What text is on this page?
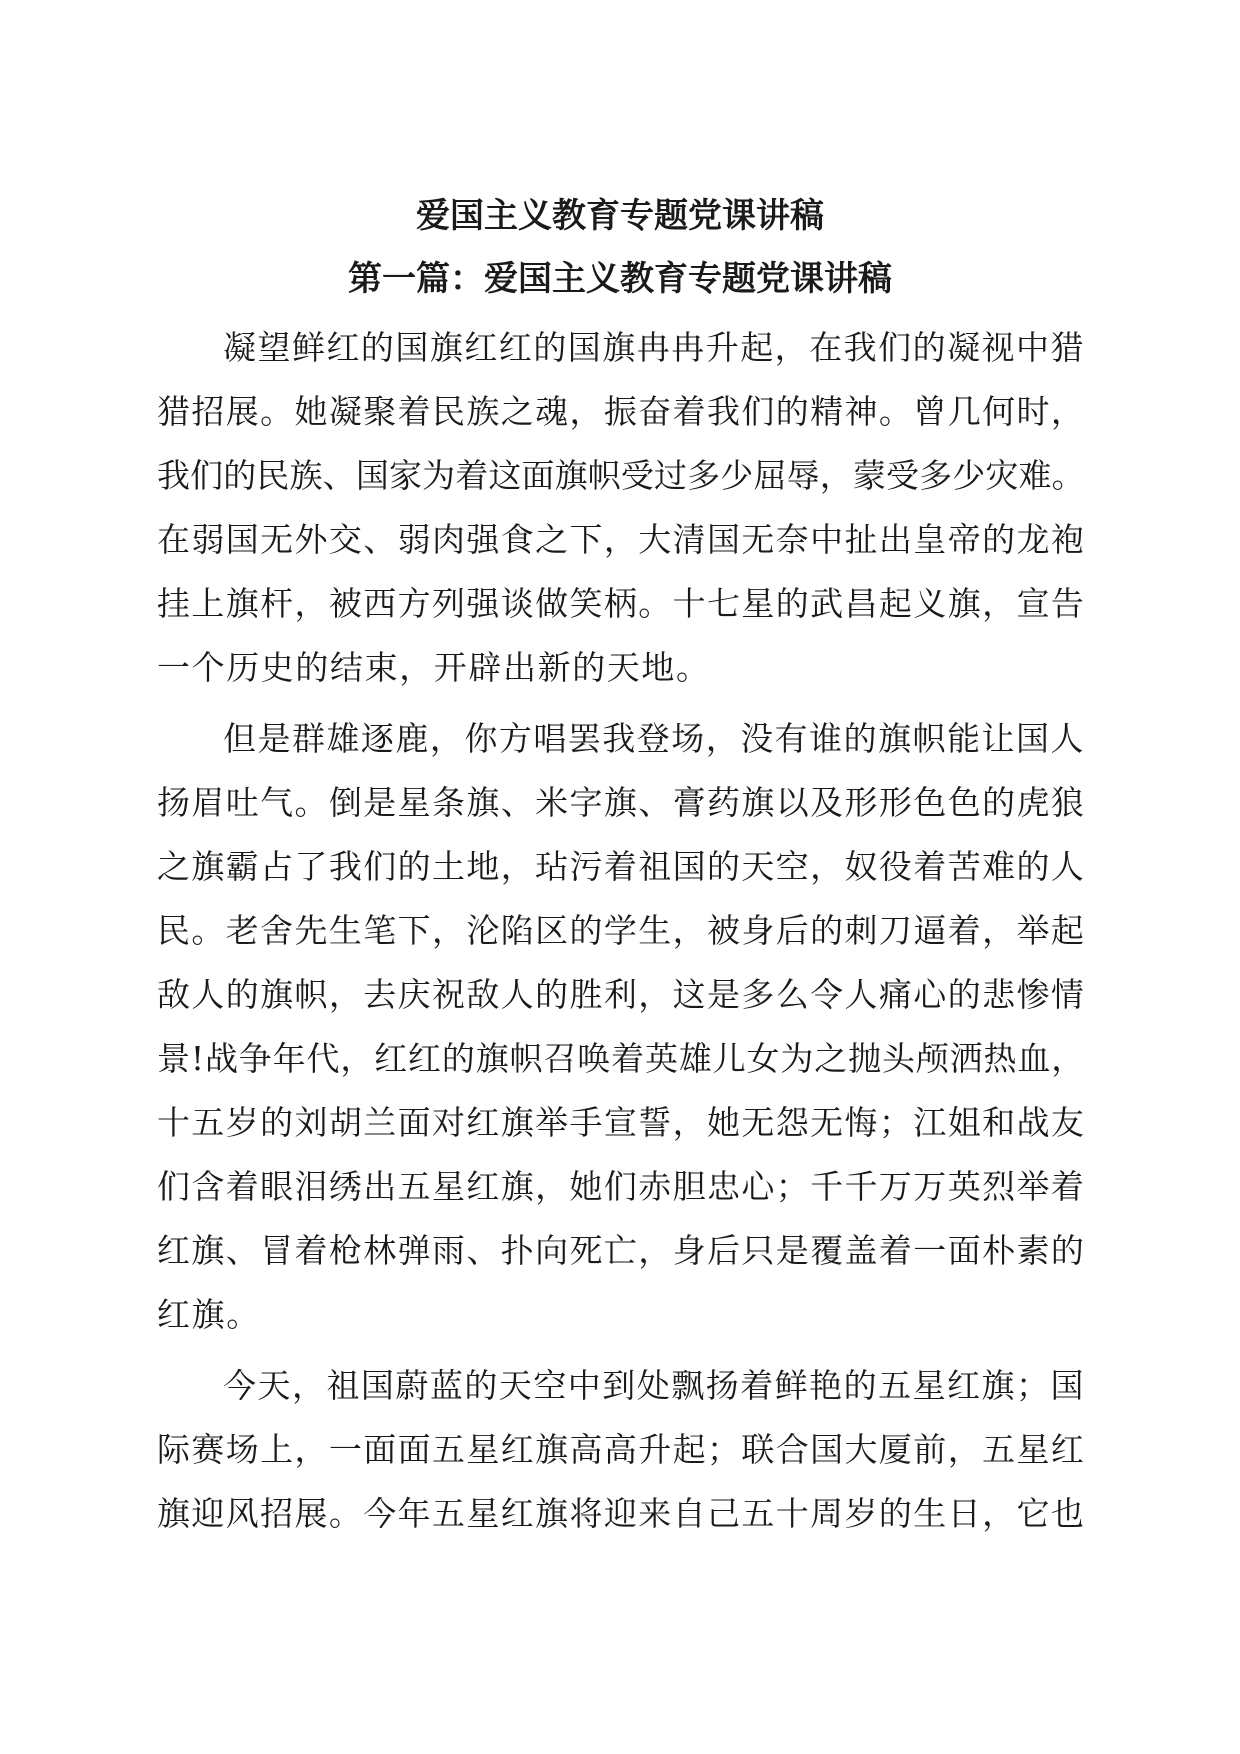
爱国主义教育专题党课讲稿
第一篇：爱国主义教育专题党课讲稿
凝望鲜红的国旗红红的国旗冉冉升起，在我们的凝视中猎
猎招展。她凝聚着民族之魂，振奋着我们的精神。曾几何时，
我们的民族、国家为着这面旗帜受过多少屈辱，蒙受多少灾难。
在弱国无外交、弱肉强食之下，大清国无奈中扯出皇帝的龙袍
挂上旗杆，被西方列强谈做笑柄。十七星的武昌起义旗，宣告
一个历史的结束，开辟出新的天地。
但是群雄逐鹿，你方唱罢我登场，没有谁的旗帜能让国人
扬眉吐气。倒是星条旗、米字旗、膏药旗以及形形色色的虎狼
之旗霸占了我们的土地，玷污着祖国的天空，奴役着苦难的人
民。老舍先生笔下，沦陷区的学生，被身后的刺刀逼着，举起
敌人的旗帜，去庆祝敌人的胜利，这是多么令人痛心的悲惨情
景!战争年代，红红的旗帜召唤着英雄儿女为之抛头颅洒热血，
十五岁的刘胡兰面对红旗举手宣誓，她无怨无悔；江姐和战友
们含着眼泪绣出五星红旗，她们赤胆忠心；千千万万英烈举着
红旗、冒着枪林弹雨、扑向死亡，身后只是覆盖着一面朴素的
红旗。
今天，祖国蔚蓝的天空中到处飘扬着鲜艳的五星红旗；国
际赛场上，一面面五星红旗高高升起；联合国大厦前，五星红
旗迎风招展。今年五星红旗将迎来自己五十周岁的生日，它也
